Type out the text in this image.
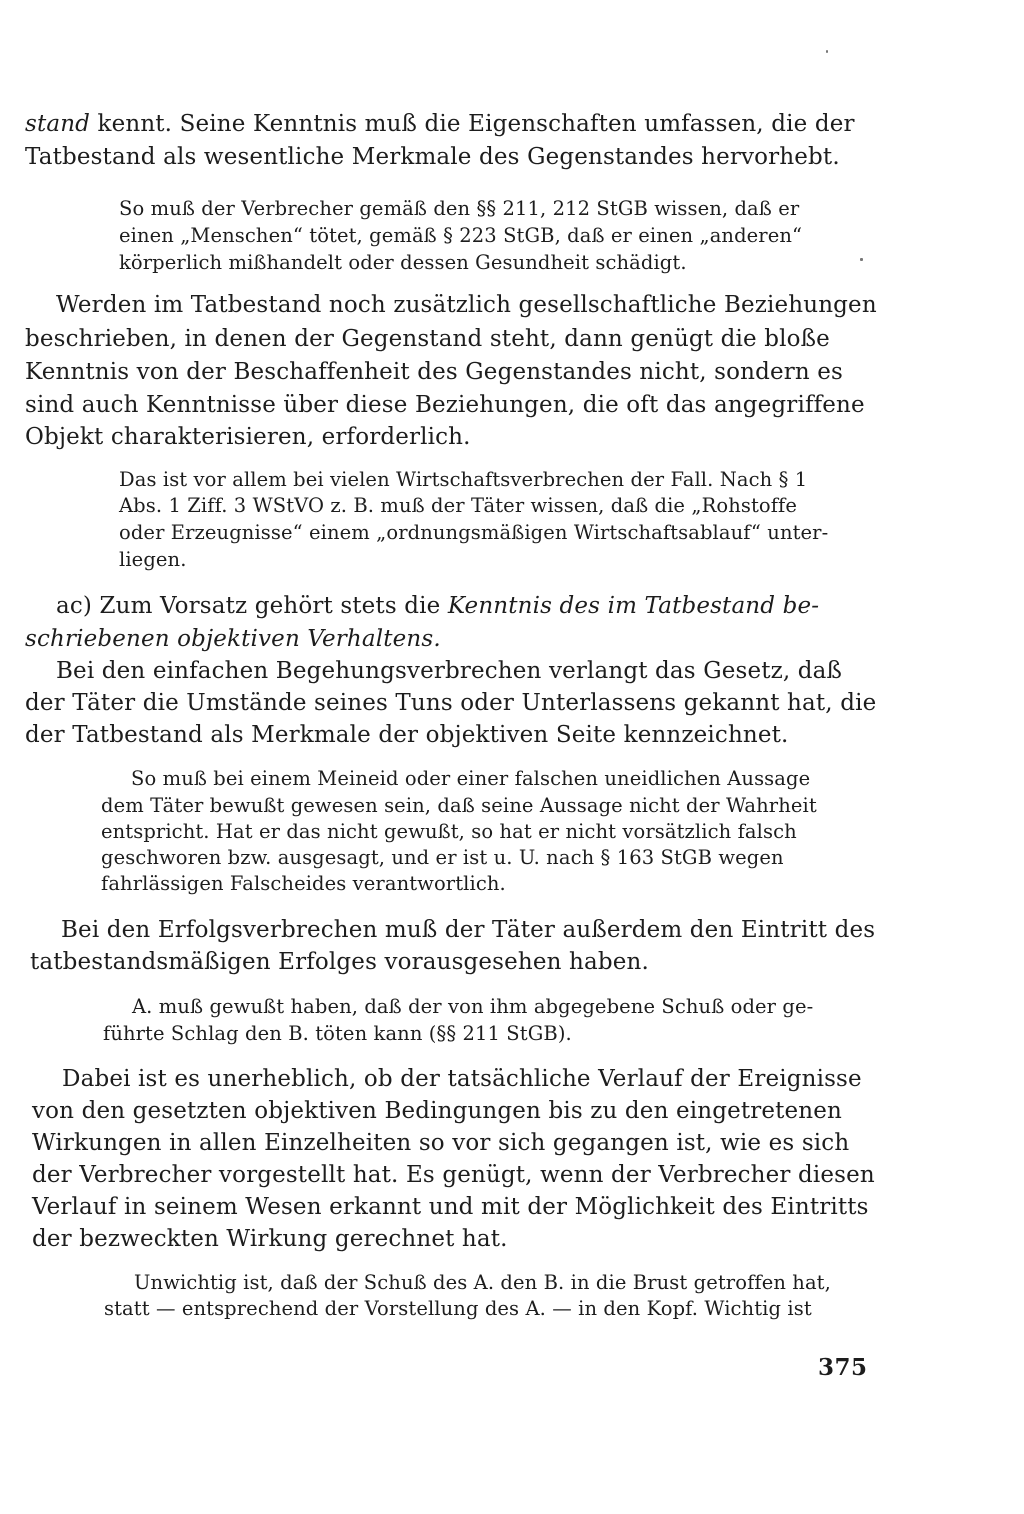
stand kennt. Seine Kenntnis muß die Eigenschaften umfassen, die der
Tatbestand als wesentliche Merkmale des Gegenstandes hervorhebt.
So muß der Verbrecher gemäß den §§ 211, 212 StGB wissen, daß er
einen „Menschen“ tötet, gemäß § 223 StGB, daß er einen „anderen“
körperlich mißhandelt oder dessen Gesundheit schädigt.
Werden im Tatbestand noch zusätzlich gesellschaftliche Beziehungen
beschrieben, in denen der Gegenstand steht, dann genügt die bloße
Kenntnis von der Beschaffenheit des Gegenstandes nicht, sondern es
sind auch Kenntnisse über diese Beziehungen, die oft das angegriffene
Objekt charakterisieren, erforderlich.
Das ist vor allem bei vielen Wirtschaftsverbrechen der Fall. Nach § 1
Abs. 1 Ziff. 3 WStVO z. B. muß der Täter wissen, daß die „Rohstoffe
oder Erzeugnisse“ einem „ordnungsmäßigen Wirtschaftsablauf“ unter-
liegen.
ac) Zum Vorsatz gehört stets die Kenntnis des im Tatbestand be-
schriebenen objektiven Verhaltens.
Bei den einfachen Begehungsverbrechen verlangt das Gesetz, daß
der Täter die Umstände seines Tuns oder Unterlassens gekannt hat, die
der Tatbestand als Merkmale der objektiven Seite kennzeichnet.
So muß bei einem Meineid oder einer falschen uneidlichen Aussage
dem Täter bewußt gewesen sein, daß seine Aussage nicht der Wahrheit
entspricht. Hat er das nicht gewußt, so hat er nicht vorsätzlich falsch
geschworen bzw. ausgesagt, und er ist u. U. nach § 163 StGB wegen
fahrlässigen Falscheides verantwortlich.
Bei den Erfolgsverbrechen muß der Täter außerdem den Eintritt des
tatbestandsmäßigen Erfolges vorausgesehen haben.
A. muß gewußt haben, daß der von ihm abgegebene Schuß oder ge-
führte Schlag den B. töten kann (§§ 211 StGB).
Dabei ist es unerheblich, ob der tatsächliche Verlauf der Ereignisse
von den gesetzten objektiven Bedingungen bis zu den eingetretenen
Wirkungen in allen Einzelheiten so vor sich gegangen ist, wie es sich
der Verbrecher vorgestellt hat. Es genügt, wenn der Verbrecher diesen
Verlauf in seinem Wesen erkannt und mit der Möglichkeit des Eintritts
der bezweckten Wirkung gerechnet hat.
Unwichtig ist, daß der Schuß des A. den B. in die Brust getroffen hat,
statt — entsprechend der Vorstellung des A. — in den Kopf. Wichtig ist
375
